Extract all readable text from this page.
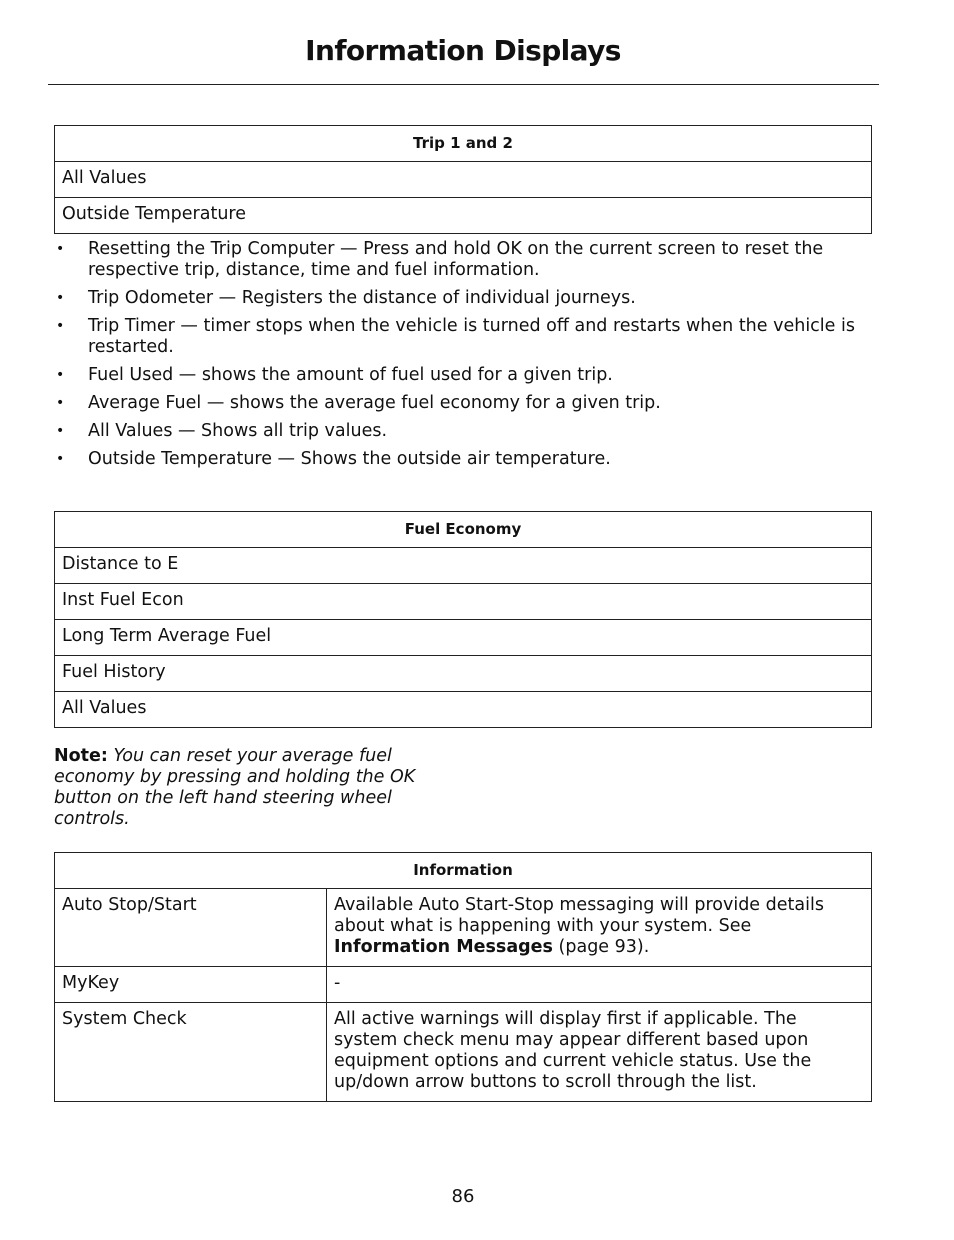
Information Displays
Trip 1 and 2
All Values
Outside Temperature
• Resetting the Trip Computer — Press and hold OK on the current screen to reset the respective trip, distance, time and fuel information.
• Trip Odometer — Registers the distance of individual journeys.
• Trip Timer — timer stops when the vehicle is turned off and restarts when the vehicle is restarted.
• Fuel Used — shows the amount of fuel used for a given trip.
• Average Fuel — shows the average fuel economy for a given trip.
• All Values — Shows all trip values.
• Outside Temperature — Shows the outside air temperature.
Fuel Economy
Distance to E
Inst Fuel Econ
Long Term Average Fuel
Fuel History
All Values

Note: You can reset your average fuel economy by pressing and holding the OK button on the left hand steering wheel controls.

Information	
Auto Stop/Start	Available Auto Start-Stop messaging will provide details about what is happening with your system. See Information Messages (page 93).
MyKey	-
System Check	All active warnings will display first if applicable. The system check menu may appear different based upon equipment options and current vehicle status. Use the up/down arrow buttons to scroll through the list.
86
